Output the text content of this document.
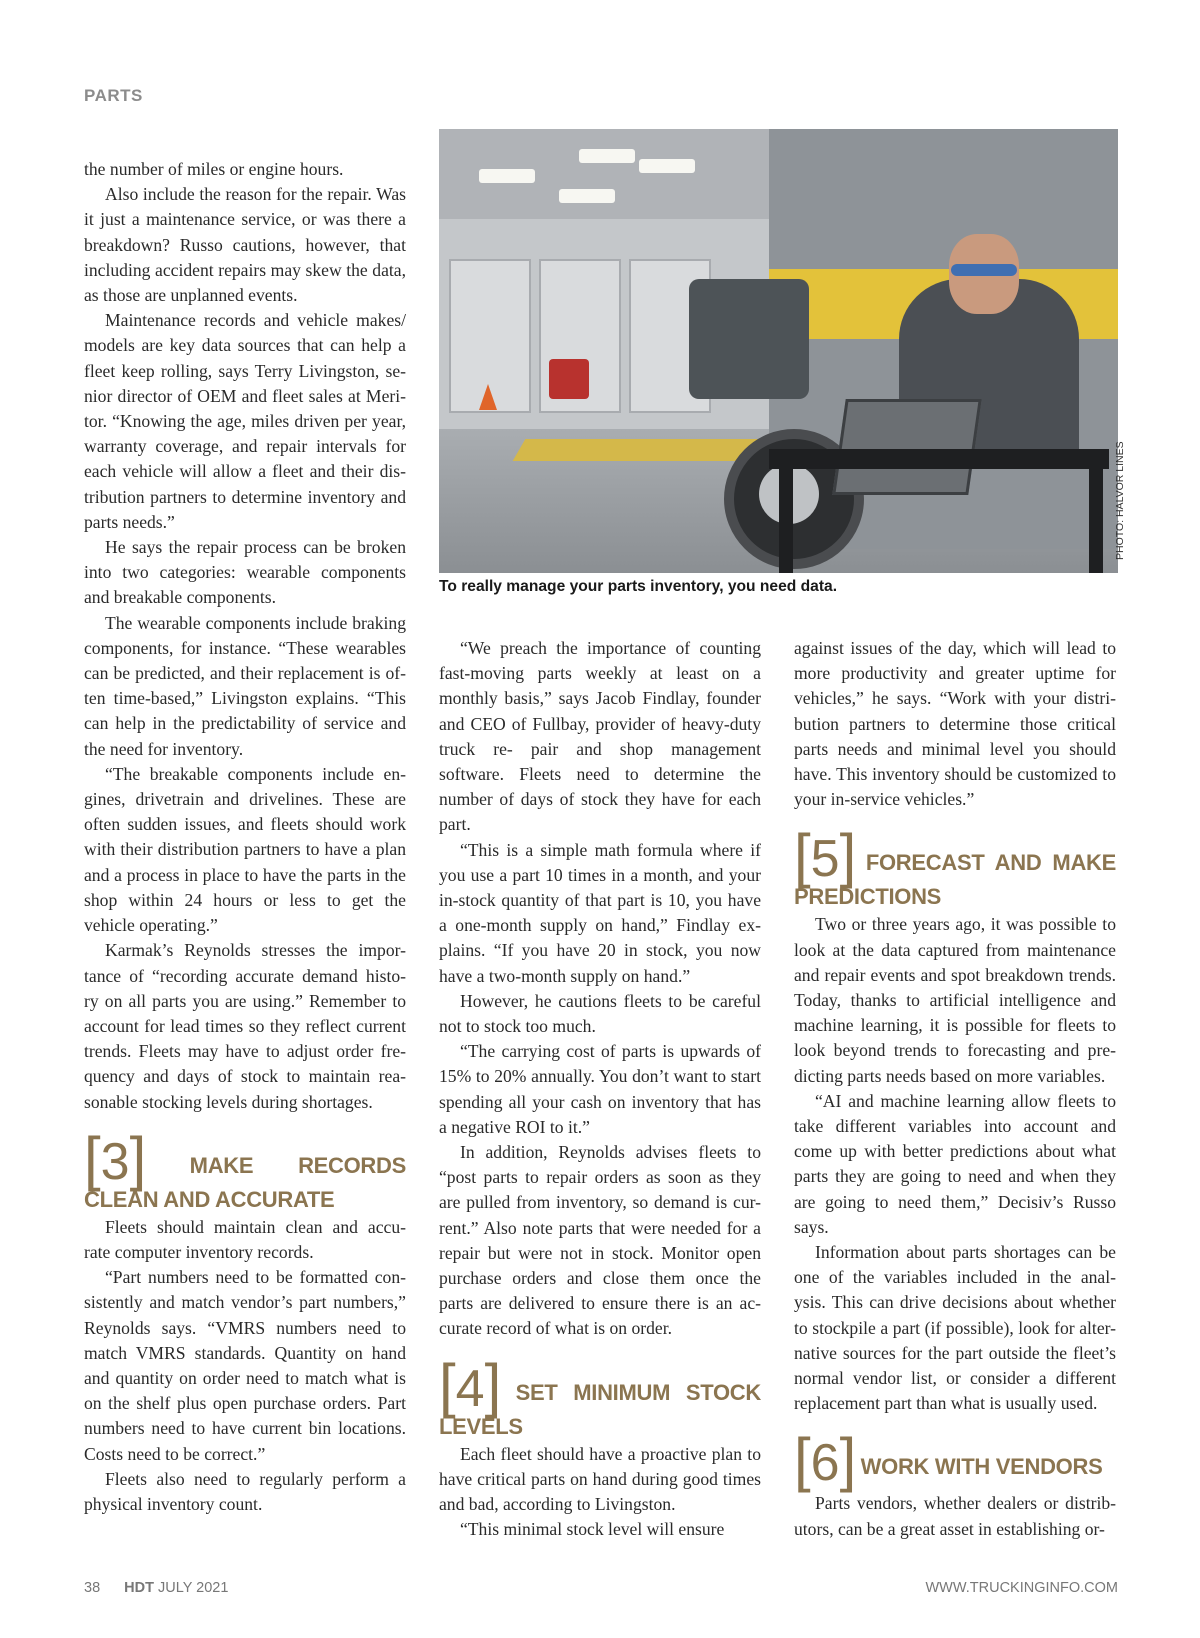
PARTS
PHOTO: HALVOR LINES
To really manage your parts inventory, you need data.

the number of miles or engine hours.

Also include the reason for the repair. Was it just a maintenance service, or was there a breakdown? Russo cautions, however, that including accident repairs may skew the data, as those are unplanned events.

Maintenance records and vehicle makes/ models are key data sources that can help a fleet keep rolling, says Terry Livingston, se- nior director of OEM and fleet sales at Meri- tor. “Knowing the age, miles driven per year, warranty coverage, and repair intervals for each vehicle will allow a fleet and their dis- tribution partners to determine inventory and parts needs.”

He says the repair process can be broken into two categories: wearable components and breakable components.

The wearable components include braking components, for instance. “These wearables can be predicted, and their replacement is of- ten time-based,” Livingston explains. “This can help in the predictability of service and the need for inventory.

“The breakable components include en- gines, drivetrain and drivelines. These are often sudden issues, and fleets should work with their distribution partners to have a plan and a process in place to have the parts in the shop within 24 hours or less to get the vehicle operating.”

Karmak’s Reynolds stresses the impor- tance of “recording accurate demand histo- ry on all parts you are using.” Remember to account for lead times so they reflect current trends. Fleets may have to adjust order fre- quency and days of stock to maintain rea- sonable stocking levels during shortages.

[3] MAKE RECORDS CLEAN AND ACCURATE

Fleets should maintain clean and accu- rate computer inventory records.

“Part numbers need to be formatted con- sistently and match vendor’s part numbers,” Reynolds says. “VMRS numbers need to match VMRS standards. Quantity on hand and quantity on order need to match what is on the shelf plus open purchase orders. Part numbers need to have current bin locations. Costs need to be correct.”

Fleets also need to regularly perform a physical inventory count.

“We preach the importance of counting fast-moving parts weekly at least on a monthly basis,” says Jacob Findlay, founder and CEO of Fullbay, provider of heavy-duty truck re- pair and shop management software. Fleets need to determine the number of days of stock they have for each part.

“This is a simple math formula where if you use a part 10 times in a month, and your in-stock quantity of that part is 10, you have a one-month supply on hand,” Findlay ex- plains. “If you have 20 in stock, you now have a two-month supply on hand.”

However, he cautions fleets to be careful not to stock too much.

“The carrying cost of parts is upwards of 15% to 20% annually. You don’t want to start spending all your cash on inventory that has a negative ROI to it.”

In addition, Reynolds advises fleets to “post parts to repair orders as soon as they are pulled from inventory, so demand is cur- rent.” Also note parts that were needed for a repair but were not in stock. Monitor open purchase orders and close them once the parts are delivered to ensure there is an ac- curate record of what is on order.

[4] SET MINIMUM STOCK LEVELS

Each fleet should have a proactive plan to have critical parts on hand during good times and bad, according to Livingston.

“This minimal stock level will ensure

against issues of the day, which will lead to more productivity and greater uptime for vehicles,” he says. “Work with your distri- bution partners to determine those critical parts needs and minimal level you should have. This inventory should be customized to your in-service vehicles.”

[5] FORECAST AND MAKE PREDICTIONS

Two or three years ago, it was possible to look at the data captured from maintenance and repair events and spot breakdown trends. Today, thanks to artificial intelligence and machine learning, it is possible for fleets to look beyond trends to forecasting and pre- dicting parts needs based on more variables.

“AI and machine learning allow fleets to take different variables into account and come up with better predictions about what parts they are going to need and when they are going to need them,” Decisiv’s Russo says.

Information about parts shortages can be one of the variables included in the anal- ysis. This can drive decisions about whether to stockpile a part (if possible), look for alter- native sources for the part outside the fleet’s normal vendor list, or consider a different replacement part than what is usually used.

[6] WORK WITH VENDORS

Parts vendors, whether dealers or distrib- utors, can be a great asset in establishing or-

38 HDT JULY 2021	WWW.TRUCKINGINFO.COM
